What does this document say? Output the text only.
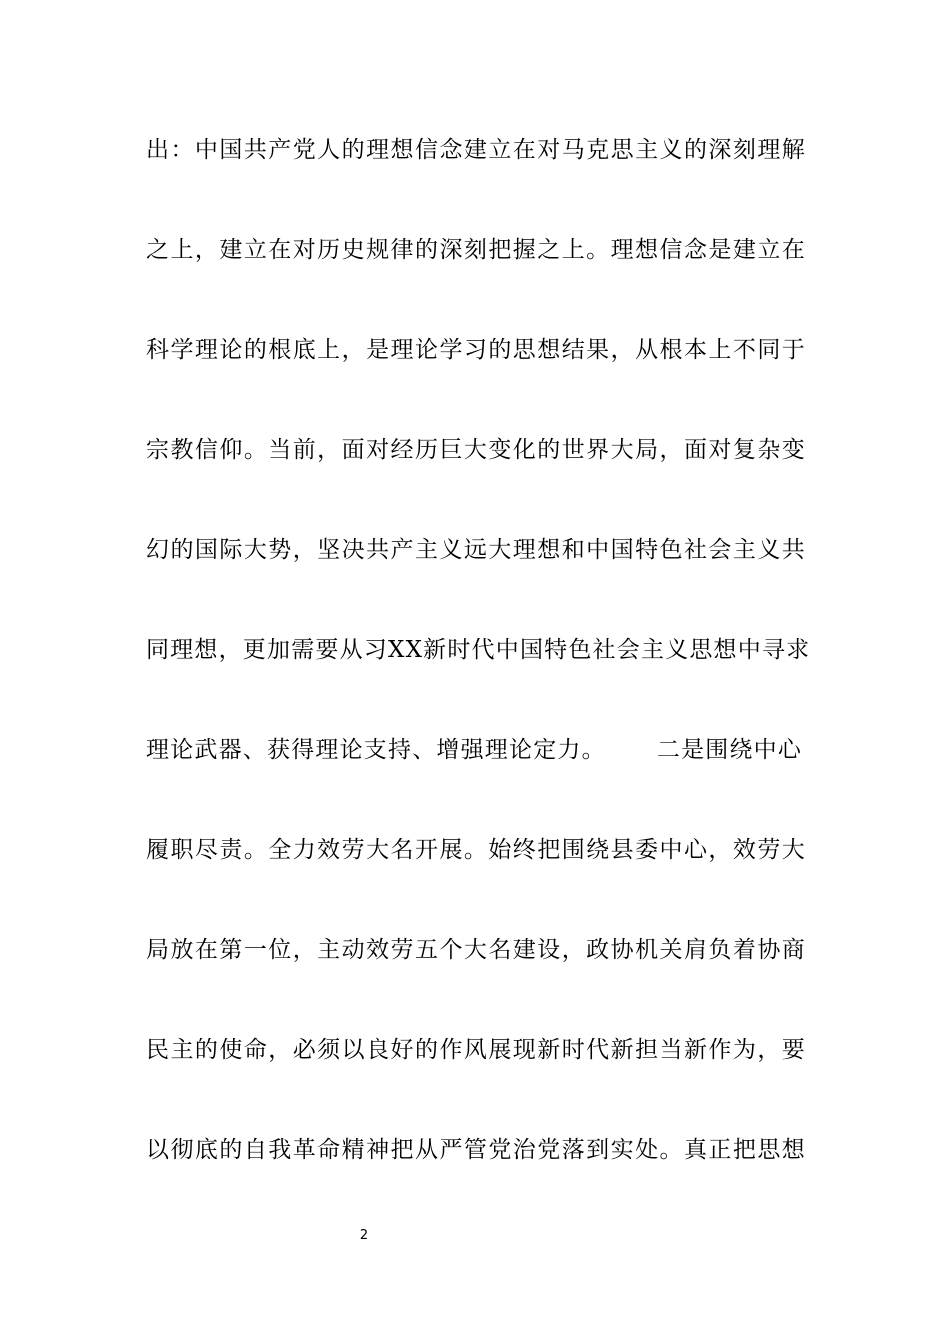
出：中国共产党人的理想信念建立在对马克思主义的深刻理解
之上，建立在对历史规律的深刻把握之上。理想信念是建立在
科学理论的根底上，是理论学习的思想结果，从根本上不同于
宗教信仰。当前，面对经历巨大变化的世界大局，面对复杂变
幻的国际大势，坚决共产主义远大理想和中国特色社会主义共
同理想，更加需要从习XX新时代中国特色社会主义思想中寻求
理论武器、获得理论支持、增强理论定力。      二是围绕中心
履职尽责。全力效劳大名开展。始终把围绕县委中心，效劳大
局放在第一位，主动效劳五个大名建设，政协机关肩负着协商
民主的使命，必须以良好的作风展现新时代新担当新作为，要
以彻底的自我革命精神把从严管党治党落到实处。真正把思想
2
